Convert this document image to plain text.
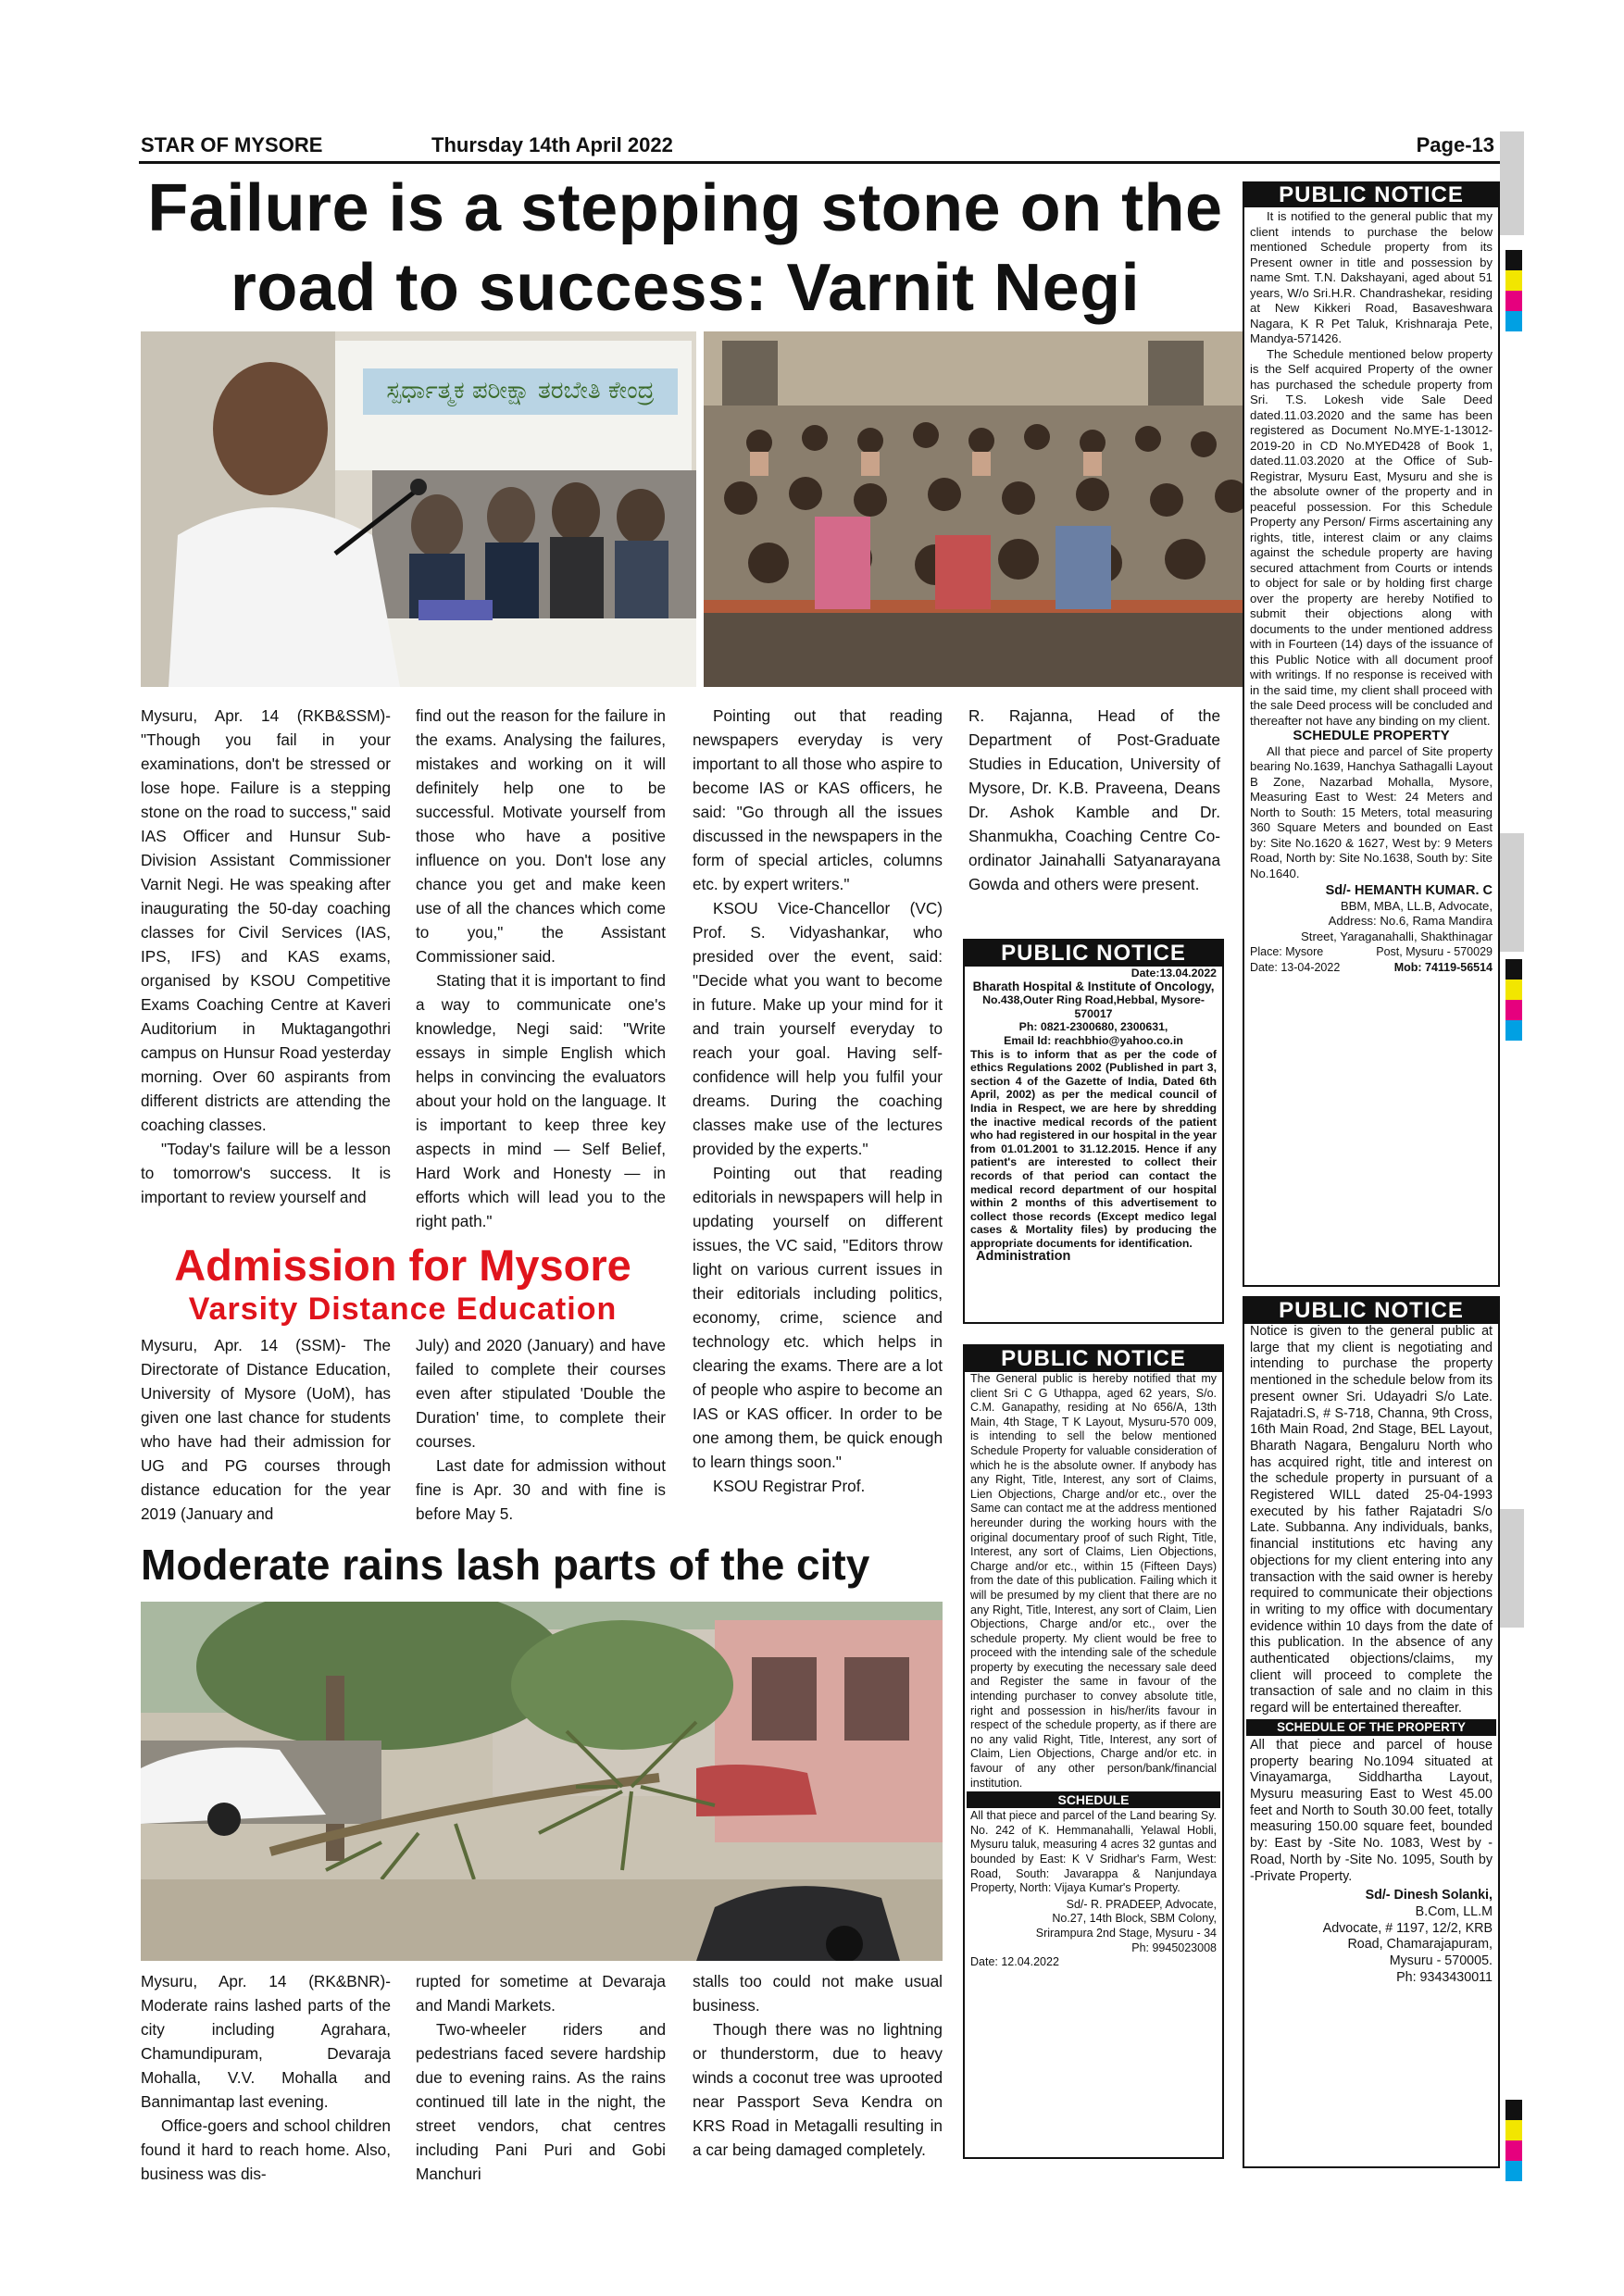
STAR OF MYSORE	Thursday 14th April 2022	Page-13
Failure is a stepping stone on the
road to success: Varnit Negi
ಸ್ಪರ್ಧಾತ್ಮಕ ಪರೀಕ್ಷಾ ತರಬೇತಿ ಕೇಂದ್ರ

Mysuru, Apr. 14 (RKB&SSM)- "Though you fail in your examinations, don't be stressed or lose hope. Failure is a stepping stone on the road to success," said IAS Officer and Hunsur Sub-Division Assistant Commissioner Varnit Negi. He was speaking after inaugurating the 50-day coaching classes for Civil Services (IAS, IPS, IFS) and KAS exams, organised by KSOU Competitive Exams Coaching Centre at Kaveri Auditorium in Muktagangothri campus on Hunsur Road yesterday morning. Over 60 aspirants from different districts are attending the coaching classes.

"Today's failure will be a lesson to tomorrow's success. It is important to review yourself and

find out the reason for the failure in the exams. Analysing the failures, mistakes and working on it will definitely help one to be successful. Motivate yourself from those who have a positive influence on you. Don't lose any chance you get and make keen use of all the chances which come to you," the Assistant Commissioner said.

Stating that it is important to find a way to communicate one's knowledge, Negi said: "Write essays in simple English which helps in convincing the evaluators about your hold on the language. It is important to keep three key aspects in mind — Self Belief, Hard Work and Honesty — in efforts which will lead you to the right path."

Pointing out that reading newspapers everyday is very important to all those who aspire to become IAS or KAS officers, he said: "Go through all the issues discussed in the newspapers in the form of special articles, columns etc. by expert writers."

KSOU Vice-Chancellor (VC) Prof. S. Vidyashankar, who presided over the event, said: "Decide what you want to become in future. Make up your mind for it and train yourself everyday to reach your goal. Having self-confidence will help you fulfil your dreams. During the coaching classes make use of the lectures provided by the experts."

Pointing out that reading editorials in newspapers will help in updating yourself on different issues, the VC said, "Editors throw light on various current issues in their editorials including politics, economy, crime, science and technology etc. which helps in clearing the exams. There are a lot of people who aspire to become an IAS or KAS officer. In order to be one among them, be quick enough to learn things soon."

KSOU Registrar Prof.

R. Rajanna, Head of the Department of Post-Graduate Studies in Education, University of Mysore, Dr. K.B. Praveena, Deans Dr. Ashok Kamble and Dr. Shanmukha, Coaching Centre Co-ordinator Jainahalli Satyanarayana Gowda and others were present.

Admission for Mysore
Varsity Distance Education

Mysuru, Apr. 14 (SSM)- The Directorate of Distance Education, University of Mysore (UoM), has given one last chance for students who have had their admission for UG and PG courses through distance education for the year 2019 (January and

July) and 2020 (January) and have failed to complete their courses even after stipulated 'Double the Duration' time, to complete their courses.

Last date for admission without fine is Apr. 30 and with fine is before May 5.

Moderate rains lash parts of the city

Mysuru, Apr. 14 (RK&BNR)- Moderate rains lashed parts of the city including Agrahara, Chamundipuram, Devaraja Mohalla, V.V. Mohalla and Bannimantap last evening.

Office-goers and school children found it hard to reach home. Also, business was dis-

rupted for sometime at Devaraja and Mandi Markets.

Two-wheeler riders and pedestrians faced severe hardship due to evening rains. As the rains continued till late in the night, the street vendors, chat centres including Pani Puri and Gobi Manchuri

stalls too could not make usual business.

Though there was no lightning or thunderstorm, due to heavy winds a coconut tree was uprooted near Passport Seva Kendra on KRS Road in Metagalli resulting in a car being damaged completely.

PUBLIC NOTICE

It is notified to the general public that my client intends to purchase the below mentioned Schedule property from its Present owner in title and possession by name Smt. T.N. Dakshayani, aged about 51 years, W/o Sri.H.R. Chandrashekar, residing at New Kikkeri Road, Basaveshwara Nagara, K R Pet Taluk, Krishnaraja Pete, Mandya-571426.

The Schedule mentioned below property is the Self acquired Property of the owner has purchased the schedule property from Sri. T.S. Lokesh vide Sale Deed dated.11.03.2020 and the same has been registered as Document No.MYE-1-13012-2019-20 in CD No.MYED428 of Book 1, dated.11.03.2020 at the Office of Sub-Registrar, Mysuru East, Mysuru and she is the absolute owner of the property and in peaceful possession. For this Schedule Property any Person/ Firms ascertaining any rights, title, interest claim or any claims against the schedule property are having secured attachment from Courts or intends to object for sale or by holding first charge over the property are hereby Notified to submit their objections along with documents to the under mentioned address with in Fourteen (14) days of the issuance of this Public Notice with all document proof with writings. If no response is received with in the said time, my client shall proceed with the sale Deed process will be concluded and thereafter not have any binding on my client.

SCHEDULE PROPERTY

All that piece and parcel of Site property bearing No.1639, Hanchya Sathagalli Layout B Zone, Nazarbad Mohalla, Mysore, Measuring East to West: 24 Meters and North to South: 15 Meters, total measuring 360 Square Meters and bounded on East by: Site No.1620 & 1627, West by: 9 Meters Road, North by: Site No.1638, South by: Site No.1640.

Sd/- HEMANTH KUMAR. C

BBM, MBA, LL.B, Advocate,

Address: No.6, Rama Mandira

Street, Yaraganahalli, Shakthinagar

Place: Mysore	Post, Mysuru - 570029
Date: 13-04-2022	Mob: 74119-56514
PUBLIC NOTICE

Date:13.04.2022

Bharath Hospital & Institute of Oncology,

No.438,Outer Ring Road,Hebbal, Mysore-570017

Ph: 0821-2300680, 2300631,

Email Id: reachbhio@yahoo.co.in

This is to inform that as per the code of ethics Regulations 2002 (Published in part 3, section 4 of the Gazette of India, Dated 6th April, 2002) as per the medical council of India in Respect, we are here by shredding the inactive medical records of the patient who had registered in our hospital in the year from 01.01.2001 to 31.12.2015. Hence if any patient's are interested to collect their records of that period can contact the medical record department of our hospital within 2 months of this advertisement to collect those records (Except medico legal cases & Mortality files) by producing the appropriate documents for identification.

Administration

PUBLIC NOTICE

The General public is hereby notified that my client Sri C G Uthappa, aged 62 years, S/o. C.M. Ganapathy, residing at No 656/A, 13th Main, 4th Stage, T K Layout, Mysuru-570 009, is intending to sell the below mentioned Schedule Property for valuable consideration of which he is the absolute owner. If anybody has any Right, Title, Interest, any sort of Claims, Lien Objections, Charge and/or etc., over the Same can contact me at the address mentioned hereunder during the working hours with the original documentary proof of such Right, Title, Interest, any sort of Claims, Lien Objections, Charge and/or etc., within 15 (Fifteen Days) from the date of this publication. Failing which it will be presumed by my client that there are no any Right, Title, Interest, any sort of Claim, Lien Objections, Charge and/or etc., over the schedule property. My client would be free to proceed with the intending sale of the schedule property by executing the necessary sale deed and Register the same in favour of the intending purchaser to convey absolute title, right and possession in his/her/its favour in respect of the schedule property, as if there are no any valid Right, Title, Interest, any sort of Claim, Lien Objections, Charge and/or etc. in favour of any other person/bank/financial institution.

SCHEDULE

All that piece and parcel of the Land bearing Sy. No. 242 of K. Hemmanahalli, Yelawal Hobli, Mysuru taluk, measuring 4 acres 32 guntas and bounded by East: K V Sridhar's Farm, West: Road, South: Javarappa & Nanjundaya Property, North: Vijaya Kumar's Property.

Sd/- R. PRADEEP, Advocate,

No.27, 14th Block, SBM Colony,

Srirampura 2nd Stage, Mysuru - 34

Ph: 9945023008

Date: 12.04.2022

PUBLIC NOTICE

Notice is given to the general public at large that my client is negotiating and intending to purchase the property mentioned in the schedule below from its present owner Sri. Udayadri S/o Late. Rajatadri.S, # S-718, Channa, 9th Cross, 16th Main Road, 2nd Stage, BEL Layout, Bharath Nagara, Bengaluru North who has acquired right, title and interest on the schedule property in pursuant of a Registered WILL dated 25-04-1993 executed by his father Rajatadri S/o Late. Subbanna. Any individuals, banks, financial institutions etc having any objections for my client entering into any transaction with the said owner is hereby required to communicate their objections in writing to my office with documentary evidence within 10 days from the date of this publication. In the absence of any authenticated objections/claims, my client will proceed to complete the transaction of sale and no claim in this regard will be entertained thereafter.

SCHEDULE OF THE PROPERTY

All that piece and parcel of house property bearing No.1094 situated at Vinayamarga, Siddhartha Layout, Mysuru measuring East to West 45.00 feet and North to South 30.00 feet, totally measuring 150.00 square feet, bounded by: East by -Site No. 1083, West by - Road, North by -Site No. 1095, South by -Private Property.

Sd/- Dinesh Solanki,

B.Com, LL.M

Advocate, # 1197, 12/2, KRB

Road, Chamarajapuram,

Mysuru - 570005.

Ph: 9343430011
